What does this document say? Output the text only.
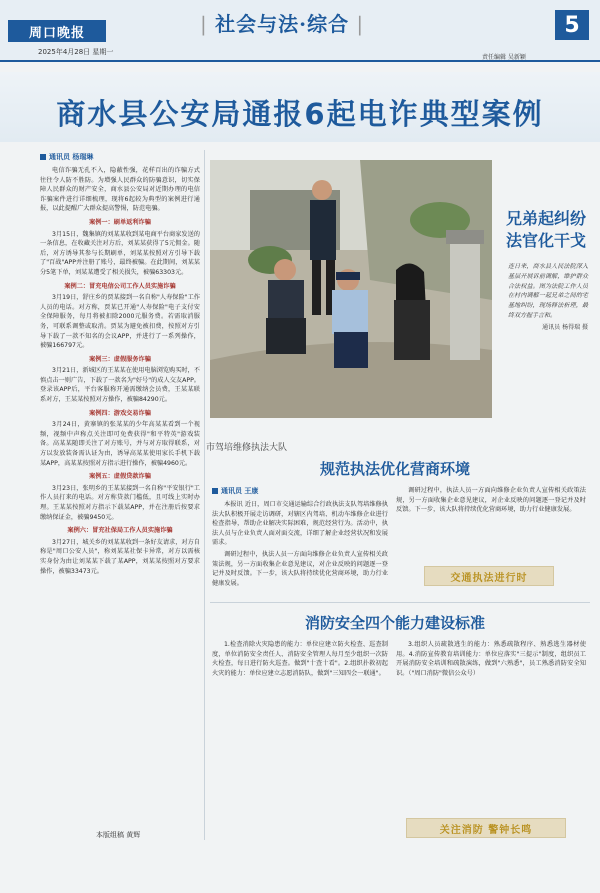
周口晚报
2025年4月28日 星期一
| 社会与法·综合 |
责任编辑 吴新颖
5
商水县公安局通报6起电诈典型案例
通讯员 杨瑞琳

电信诈骗无孔不入，隐蔽性强，花样百出的诈骗方式往往令人防不胜防。为增强人民群众的防骗意识，切实保障人民群众的财产安全，商水县公安局对近期办理的电信诈骗案件进行详细梳理，现将6起较为典型的案例进行通报，以此提醒广大群众提高警惕，防范电骗。

案例一：刷单返利诈骗

3月15日，魏集镇的刘某某收到某电商平台商家发送的一条信息，在收藏关注对方后，刘某某获得了5元佣金。随后，对方诱导其参与长期刷单，刘某某按照对方引导下载了"百战"APP并注册了账号，最终被骗。在此期间，刘某某分5笔下单，刘某某遭受了相关损失，被骗63303元。

案例二：冒充电信公司工作人员实施诈骗

3月19日，舒庄乡的贾某接到一名自称"人寿保险"工作人员的电话。对方称，贾某已开通"人寿保险"电子支付安全保障服务，每月将被扣除2000元服务费。若需取消服务，可联系调整或取消。贾某为避免被扣费，按照对方引导下载了一款不知名的会议APP，并进行了一系列操作，被骗166797元。

案例三：虚假服务诈骗

3月21日，新城区的王某某在使用电脑浏览购买时，不慎点击一则广告，下载了一款名为"好号"的成人交友APP。登录该APP后，平台客服称开通需缴纳会员费，王某某联系对方，王某某按照对方操作，被骗84290元。

案例四：游戏交易诈骗

3月24日，黄寨镇的张某某的少年高某某看到一个视频，视频中声称点关注即可免费获得"和平特英"游戏装备。高某某随即关注了对方账号，并与对方取得联系，对方以发放装备需认证为由，诱导高某某使用家长手机下载某APP，高某某按照对方指示进行操作，被骗4960元。

案例五：虚假贷款诈骗

3月23日，张明乡的王某某接到一名自称"平安银行"工作人员打来的电话。对方称贷款门槛低，且可线上实时办理。王某某按照对方指示下载某APP，并在注册后按要求缴纳保证金，被骗9450元。

案例六：冒充社保局工作人员实施诈骗

3月27日，城关乡的刘某某收到一条好友请求，对方自称是"周口公安人员"，称刘某某社保卡异常，对方以需核实身份为由让刘某某下载了某APP，刘某某按照对方要求操作，被骗33473元。

本版组稿 黄辉
兄弟起纠纷
法官化干戈
连日来，商水县人民法院深入基层开展诉前调解，维护群众合法权益。图为法院工作人员在村内调解一起兄弟之间的宅基地纠纷，现场释法析理，最终双方握手言和。
通讯员 杨得瑞 摄
市驾培维修执法大队
规范执法优化营商环境
通讯员 王康

本报讯 近日，周口市交通运输综合行政执法支队驾培维修执法大队积极开展走访调研，对辖区内驾培、机动车维修企业进行检查指导，帮助企业解决实际困难，规范经营行为。活动中，执法人员与企业负责人面对面交流，详细了解企业经营状况和发展需求。

调研过程中，执法人员一方面向维修企业负责人宣传相关政策法规，另一方面收集企业意见建议，对企业反映的问题逐一登记并及时反馈。下一步，该大队将持续优化营商环境，助力行业健康发展。

调研过程中，执法人员一方面向维修企业负责人宣传相关政策法规，另一方面收集企业意见建议，对企业反映的问题逐一登记并及时反馈。下一步，该大队将持续优化营商环境，助力行业健康发展。

交通执法进行时
消防安全四个能力建设标准

1.检查消除火灾隐患的能力：单位应建立防火检查、巡查制度，单位消防安全责任人、消防安全管理人每月至少组织一次防火检查，每日进行防火巡查。做到"十查十看"。2.组织扑救初起火灾的能力：单位应建立志愿消防队，做到"三知四会一联通"。

3.组织人员疏散逃生的能力：熟悉疏散程序、熟悉逃生器材使用。4.消防宣传教育培训能力：单位应落实"三提示"制度，组织员工开展消防安全培训和疏散演练，做到"六熟悉"，员工熟悉消防安全知识。（"周口消防"微信公众号）

关注消防 警钟长鸣
